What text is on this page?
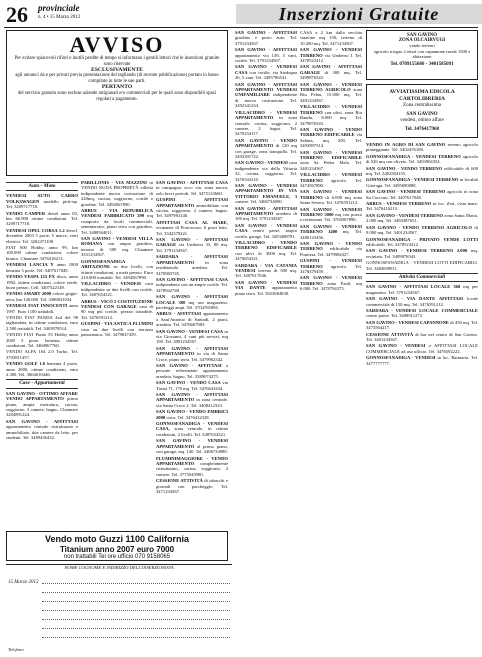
26 provinciale
n. 4 • 15 Marzo 2012	Inserzioni Gratuite
AVVISO

Per evitare spiacevoli rifiuti e inutili perdite di tempo si informano i gentili lettori che le inserzioni gratuite sono riservate

ESCLUSIVAMENTE

agli annunci da e per privati previa presentazione del tagliando (di recente pubblicazione) portato in basso compilato in tutte le sue parti.

PERTANTO

del servizio gratuito sono escluse aziende artigianali e/o commerciali per le quali sono disponibili spazi regolati a pagamento.

Auto - Moto

VENDESI AUTO CARRO VOLKSWAGEN modello pick-up. Tel. 3209717718.

VENDO CAMPER diesel anno 03, km 66.900 ottime condizioni. Tel. 3209717718.

VENDESI OPEL CORSA 1.2 diesel, dicembre 2003 5 porte, 5 marce, vetri elettrici. Tel. 3202471108.

FIAT 600 Hobby, anno 99, km 100.000 ottime condizioni, colore bianco. Chiamare 3476416213.

VENDESI LANCIA Y anno 1800 benzina 3 porte. Tel. 3407617049.

VENDO VESPA 125 PX disco, anno 1992, ottime condizioni, colore verde, buon prezzo. Cell. 3407522149.

VENDO SMART 2000 colore grigio-nera, km 140.000. Tel. 3386831034.

VENDESI FIAT INNOCENTI anno 1997. Euro 1100 trattabili.

VENDO FIAT PANDA 4x4 del 98 tagliandata, in ottime condizioni, euro 2.500 trattabili. Tel. 3403978514.

VENDO FIAT Punto 55 Hobby anno 2005 3 porte, benzina, ottime condizioni. Tel. 3460967760.

VENDO ALFA 164 2.0 Turbo, Tel. 3703811457.

VENDO GOLF 1.6 benzina 4 porte, anno 2000, ottime condizioni, euro 2.300. Tel. 3664610446.

Case - Appartamenti

SAN GAVINO - OTTIMO AFFARE VENDO APPARTAMENTO primo piano, ampia metratura, cucina, soggiorno, 3 camere, bagno. Chiamare 3204891224.

SAN GAVINO - AFFITTASI appartamento centrale ristrutturato e ammobiliato, due camere da letto, per studenti. Tel. 3489436432.

PABILLONIS - VIA MAZZINI in VENDO NUDA PROPRIETÀ villetta indipendente nuova costruzione di 220mq, cucina, soggiorno, cortile e giardino. Tel. 3494567890.

ARBUS - VIA REPUBBLICA VENDESI FABBRICATO 290 mq composto da locali commerciali, seminterrato, piano terra con giardino. Tel. 3480564011.

SAN GAVINO - VENDESI VILLA ROMANA con ampio giardino, terreno di 500 mq. Chiamare 3331234567.

GONNOSFANADIGA - ABITAZIONE su due livelli, con ottime condizioni, a metà prezzo. Euro 210.000 trattabili. Tel. 3494567890.

VILLACIDRO - VENDESI casa indipendente su due livelli con cortile. Tel. 3407654321.

ARBUS - VICO I COSTITUZIONE VENDESI CON GARAGE casa di 90 mq più cortile, prezzo trattabile. Tel. 3476591212.

GUSPINI - VIA ANTICA FLUMINI casa su due livelli con terrazza panoramica. Tel. 3479847459.

SAN GAVINO - AFFITTASI CASA in campagna, ecco via, zona nuova, solo brevi periodi. Tel. 3475123660.

GUSPINI - AFFITTASI APPARTAMENTO ammobiliato con cucina, soggiorno, 2 camere, bagno. Tel. 3497981340.

AFFITTASI CASA AL MARE, vicinanze di Portoscuso, 6 posti letto. Tel. 3342379221.

SAN GAVINO - AFFITTASI GARAGE via Umberto 33, 80 mq. Tel. 3791234567.

SARDARA - AFFITTASI APPARTAMENTO in zona residenziale, arredato. Tel. 3470983745.

SAN GAVINO - AFFITTASI CASA indipendente con un ampio cortile. Tel. 3478942748.

SAN GAVINO - AFFITTASI LOCALE 380 mq uso magazzino, parcheggi ampi. Tel. 3704765894.

ARBUS - AFFITTASI appartamento a Sant'Antonio di Santadi, 2 piani, arredato. Tel. 3476667983.

SAN GAVINO - VENDESI CASA in via Giovanni, 4 vani più servizi, mq 190. Tel. 3891234567.

SAN GAVINO - AFFITTASI APPARTAMENTO in via di Santa Croce, piano terra. Tel. 3479962342.

SAN GAVINO - AFFITTASI a persone referenziate appartamento arredato, bagno. Tel. 3389074275.

SAN GAVINO - VENDO CASA via Turati 71, 170 mq. Tel. 3476643434.

SAN GAVINO - AFFITTASI APPARTAMENTO in zona centrale, via Santa Croce 2. Tel. 3408412323.

SAN GAVINO - VENDO EMBRICI 2000 circa. Tel. 3476412328.

GONNOSFANADIGA - VENDESI CASA, zona centrale, in ottime condizioni, 2 livelli. Tel. 3487654321.

SAN GAVINO - VENDESI APPARTAMENTO al primo piano, con garage, mq. 140. Tel. 3406734980.

FLUMINIMAGGIORE - VENDO APPARTAMENTO completamente ristrutturato, cucina, soggiorno, 2 camere. Tel. 3775045980.

CESSIONE ATTIVITÀ di tabacchi e giornali con parcheggio. Tel. 3471234567.

Vendo moto Guzzi 1100 California
Titanium anno 2007 euro 7000
non trattabili Tel ore ufficio 070 9158065
NOME COGNOME E INDIRIZZO DELL'INSERZIONISTA
15 Marzo 2012
Telefono

SAN GAVINO - AFFITTASI giardino e posto auto. Tel. 3701234567.

SAN GAVINO - AFFITTASI appartamento via 139, 5 vani, cortile. Tel. 3791234567.

SAN GAVINO - VENDESI CASA con cortile, via Sardegna 26, 5 vani. Tel. 3495786541.

SAN GAVINO - AFFITTASI APPARTAMENTO VENDESI UNIFAMILIARE indipendente di nuova costruzione. Tel. 3492341234.

VILLACIDRO - VENDESI APPARTAMENTO in zona centrale, cucina, soggiorno, 2 camere, 2 bagni. Tel. 3470254117.

SAN GAVINO - VENDO APPARTAMENTO di 120 mq con garage, zona tranquilla. Tel. 3492391722.

SAN GAVINO - VENDESI casa indipendente via della Vittoria 32, cucina, soggiorno. Tel. 3476543210.

SAN GAVINO - VENDESI APPARTAMENTO IN VIA VITTORIO EMANUELE, 3 camere. Tel. 3406734000.

SAN GAVINO - AFFITTASI APPARTAMENTO arredato di 100 mq. Tel. 3791234567.

SAN GAVINO - VENDESI CASA centro paese, ampio cortile, garage. Tel. 3203488781.

VILLACIDRO - VENDO TERRENO EDIFICABILE con ulivi di 3000 mq. Tel. 3470654321.

SARDARA - VIA CATANIA VENDESI terreno di 500 mq. Tel. 3407617046.

SAN GAVINO - VENDESI VIA DANTE appartamento piano terra. Tel. 3923684838.

CASA a 2 km dalla vecchia stazione mq 150, terreno di 10.200 mq. Tel. 3471234567.

SAN GAVINO - VENDESI TERRENO via Umberto I. Tel. 3478523412.

SAN GAVINO - AFFITTASI GARAGE di 300 mq. Tel. 3499876543.

SAN GAVINO - VENDESI TERRENO AGRICOLO zona Riu Pelau, 15.000 mq. Tel. 3491234567.

VILLACIDRO - VENDESI TERRENO con ulivi, zona Riu Bandu, 8.000 mq. Tel. 3479876543.

SAN GAVINO - VENDO TERRENO EDIFICABILE via Sabina, mq 200. Tel. 3403897514.

SAN GAVINO - VENDESI TERRENO EDIFICABILE zona Sa Pedra Mala. Tel. 3481234567.

VILLACIDRO - VENDESI TERRENO agricolo. Tel. 3474567890.

SAN GAVINO - VENDESI TERRENO di 6.000 mq zona Santa Severa. Tel. 3476591212.

SAN GAVINO - VENDESI TERRENO 5000 mq con pozzo e recinzione. Tel. 3704567890.

SAN GAVINO - VENDESI TERRENO 1400 mq. Tel. 3480123456.

SAN GAVINO - VENDO TERRENO edificabile via Pontiera. Tel. 3479984327.

GUSPINI - VENDESI TERRENO agricolo. Tel. 3478479459.

SAN GAVINO - VENDESI TERRENO zona Pauli, mq 6.000. Tel. 3478794375.

SAN GAVINO
ZONA OLCAIRVUGI
vendo terreno
agricolo irriguo 2 ettari con capannone rurale 1500 e abitazione
Tel. 0709155686 - 3401585091
AVVIATISSIMA EDICOLA CARTOLIBRERIA
Zona centralissima
SAN GAVINO
vendesi, ottimo affare
Tel. 3476417968

VENDO IN AGRO DI SAN GAVINO terreno agricolo pianeggiante. Tel. 3402476108.

GONNOSFANADIGA - VENDESI TERRENO agricolo di 526 mq con oliveto. Tel. 3403904354.

SAN GAVINO - VENDO TERRENO edificabile di 600 mq. Tel. 3402504155.

GONNOSFANADIGA - VENDESI TERRENO in località Gitoragu. Tel. 3495690088.

SAN GAVINO - VENDESI TERRENO agricolo in zona Su Cuccuru. Tel. 3407617048.

ARBUS - VENDESI TERRENO in loc. Zeri, vista mare. Tel. 3476416213.

SAN GAVINO - VENDESI TERRENO zona Santa Maria, 2.000 mq. Tel. 3494387651.

SAN GAVINO - VENDO TERRENO AGRICOLO di 9.000 mq. Tel. 3401234567.

GONNOSFANADIGA - PRIVATO VENDE LOTTI edificabili. Tel. 3478523412.

SAN GAVINO - VENDESI TERRENO 2.000 mq, recintato. Tel. 3409876543.

GONNOSFANADIGA - VENDESI LOTTI EDIFICABILI. Tel. 3404858911.

Attività Commerciali

SAN GAVINO - AFFITTASI LOCALE 360 mq per magazzino. Tel. 3791234567.

SAN GAVINO - VIA DANTE AFFITTASI locale commerciale di 150 mq. Tel. 3476591212.

SARDARA - VENDESI LOCALE COMMERCIALE centro paese. Tel. 3408911272.

SAN GAVINO - VENDESI CAPANNONE di 450 mq. Tel. 3473564217.

CESSIONE ATTIVITÀ di bar nel centro di San Gavino. Tel. 3401234567.

SAN GAVINO - VENDESI o AFFITTASI LOCALE COMMERCIALE ad uso ufficio. Tel. 3476592222.

GONNOSFANADIGA - VENDESI in loc. Baimaria. Tel. 3477777777.
